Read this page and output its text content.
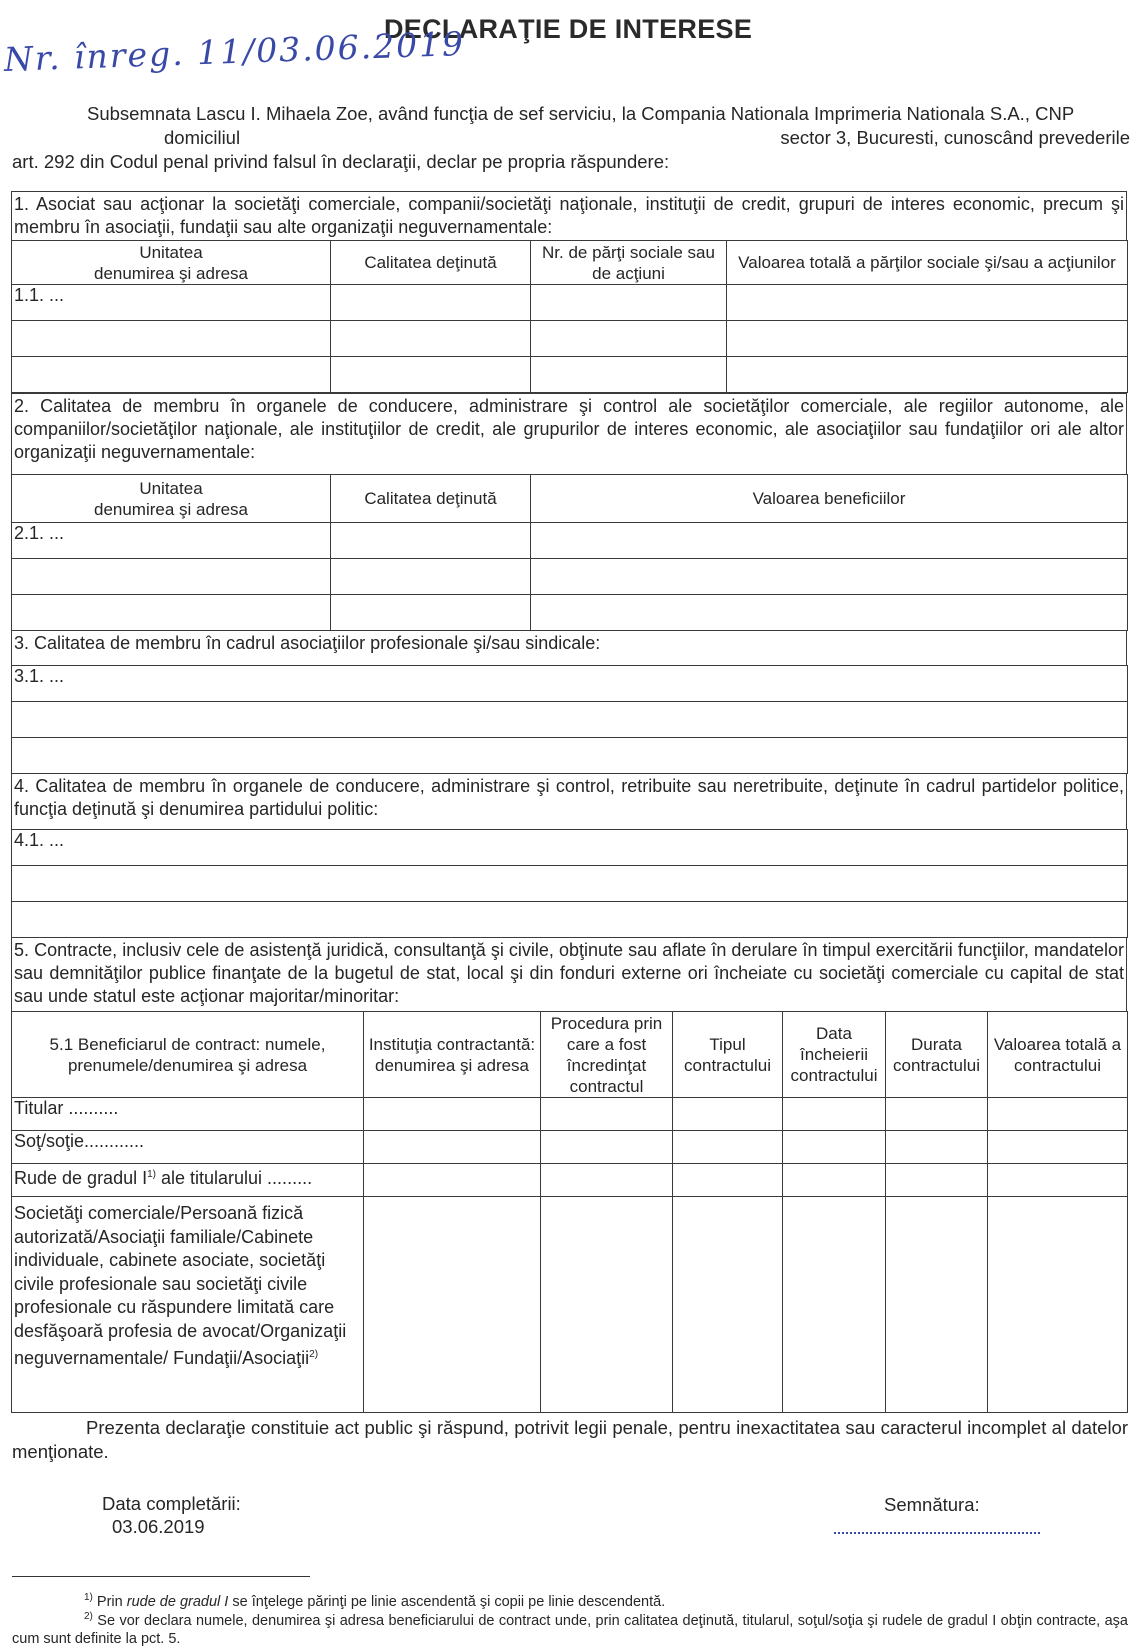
DECLARAŢIE DE INTERESE
Nr. înreg. 11/03.06.2019
Subsemnata Lascu I. Mihaela Zoe, având funcţia de sef serviciu, la Compania Nationala Imprimeria Nationala S.A., CNP
domiciliul	sector 3, Bucuresti, cunoscând prevederile
art. 292 din Codul penal privind falsul în declaraţii, declar pe propria răspundere:
1. Asociat sau acţionar la societăţi comerciale, companii/societăţi naţionale, instituţii de credit, grupuri de interes economic, precum şi membru în asociaţii, fundaţii sau alte organizaţii neguvernamentale:
Unitatea
denumirea şi adresa	Calitatea deţinută	Nr. de părţi sociale sau de acţiuni	Valoarea totală a părţilor sociale şi/sau a acţiunilor
1.1. ...			

2. Calitatea de membru în organele de conducere, administrare şi control ale societăţilor comerciale, ale regiilor autonome, ale companiilor/societăţilor naţionale, ale instituţiilor de credit, ale grupurilor de interes economic, ale asociaţiilor sau fundaţiilor ori ale altor organizaţii neguvernamentale:
Unitatea
denumirea şi adresa	Calitatea deţinută	Valoarea beneficiilor
2.1. ...		

3. Calitatea de membru în cadrul asociaţiilor profesionale şi/sau sindicale:
3.1. ...

4. Calitatea de membru în organele de conducere, administrare şi control, retribuite sau neretribuite, deţinute în cadrul partidelor politice, funcţia deţinută şi denumirea partidului politic:
4.1. ...

5. Contracte, inclusiv cele de asistenţă juridică, consultanţă şi civile, obţinute sau aflate în derulare în timpul exercitării funcţiilor, mandatelor sau demnităţilor publice finanţate de la bugetul de stat, local şi din fonduri externe ori încheiate cu societăţi comerciale cu capital de stat sau unde statul este acţionar majoritar/minoritar:
5.1 Beneficiarul de contract: numele, prenumele/denumirea şi adresa	Instituţia contractantă: denumirea şi adresa	Procedura prin care a fost încredinţat contractul	Tipul contractului	Data încheierii contractului	Durata contractului	Valoarea totală a contractului
Titular ..........						
Soţ/soţie............						
Rude de gradul $I^{1)}$ ale titularului .........						
Societăţi comerciale/Persoană fizică autorizată/Asociaţii familiale/Cabinete individuale, cabinete asociate, societăţi civile profesionale sau societăţi civile profesionale cu răspundere limitată care desfăşoară profesia de avocat/Organizaţii neguvernamentale/ Fundaţii/Asociaţii$^{2)}$						
Prezenta declaraţie constituie act public şi răspund, potrivit legii penale, pentru inexactitatea sau caracterul incomplet al datelor menţionate.
Data completării:
03.06.2019
Semnătura:
$^{1)}$ Prin rude de gradul I se înţelege părinţi pe linie ascendentă şi copii pe linie descendentă.
$^{2)}$ Se vor declara numele, denumirea şi adresa beneficiarului de contract unde, prin calitatea deţinută, titularul, soţul/soţia şi rudele de gradul I obţin contracte, aşa cum sunt definite la pct. 5.
